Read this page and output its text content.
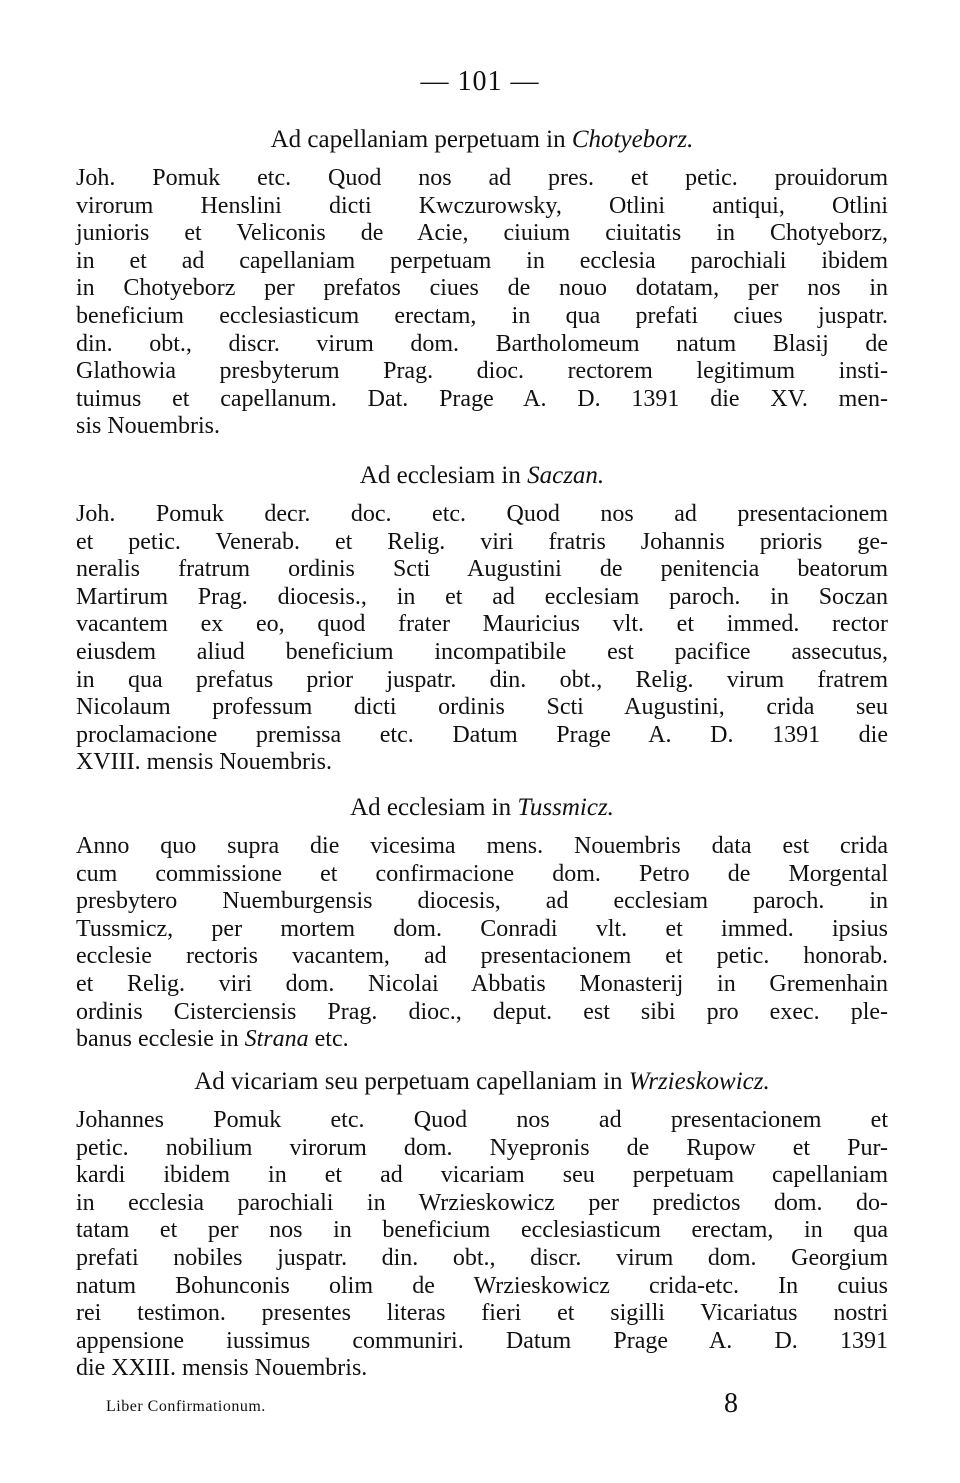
— 101 —
Ad capellaniam perpetuam in Chotyeborz.
Joh. Pomuk etc. Quod nos ad pres. et petic. prouidorum
virorum Henslini dicti Kwczurowsky, Otlini antiqui, Otlini
junioris et Veliconis de Acie, ciuium ciuitatis in Chotyeborz,
in et ad capellaniam perpetuam in ecclesia parochiali ibidem
in Chotyeborz per prefatos ciues de nouo dotatam, per nos in
beneficium ecclesiasticum erectam, in qua prefati ciues juspatr.
din. obt., discr. virum dom. Bartholomeum natum Blasij de
Glathowia presbyterum Prag. dioc. rectorem legitimum insti-
tuimus et capellanum. Dat. Prage A. D. 1391 die XV. men-
sis Nouembris.
Ad ecclesiam in Saczan.
Joh. Pomuk decr. doc. etc. Quod nos ad presentacionem
et petic. Venerab. et Relig. viri fratris Johannis prioris ge-
neralis fratrum ordinis Scti Augustini de penitencia beatorum
Martirum Prag. diocesis., in et ad ecclesiam paroch. in Soczan
vacantem ex eo, quod frater Mauricius vlt. et immed. rector
eiusdem aliud beneficium incompatibile est pacifice assecutus,
in qua prefatus prior juspatr. din. obt., Relig. virum fratrem
Nicolaum professum dicti ordinis Scti Augustini, crida seu
proclamacione premissa etc. Datum Prage A. D. 1391 die
XVIII. mensis Nouembris.
Ad ecclesiam in Tussmicz.
Anno quo supra die vicesima mens. Nouembris data est crida
cum commissione et confirmacione dom. Petro de Morgental
presbytero Nuemburgensis diocesis, ad ecclesiam paroch. in
Tussmicz, per mortem dom. Conradi vlt. et immed. ipsius
ecclesie rectoris vacantem, ad presentacionem et petic. honorab.
et Relig. viri dom. Nicolai Abbatis Monasterij in Gremenhain
ordinis Cisterciensis Prag. dioc., deput. est sibi pro exec. ple-
banus ecclesie in Strana etc.
Ad vicariam seu perpetuam capellaniam in Wrzieskowicz.
Johannes Pomuk etc. Quod nos ad presentacionem et
petic. nobilium virorum dom. Nyepronis de Rupow et Pur-
kardi ibidem in et ad vicariam seu perpetuam capellaniam
in ecclesia parochiali in Wrzieskowicz per predictos dom. do-
tatam et per nos in beneficium ecclesiasticum erectam, in qua
prefati nobiles juspatr. din. obt., discr. virum dom. Georgium
natum Bohunconis olim de Wrzieskowicz crida-etc. In cuius
rei testimon. presentes literas fieri et sigilli Vicariatus nostri
appensione iussimus communiri. Datum Prage A. D. 1391
die XXIII. mensis Nouembris.
Liber Confirmationum.	8
